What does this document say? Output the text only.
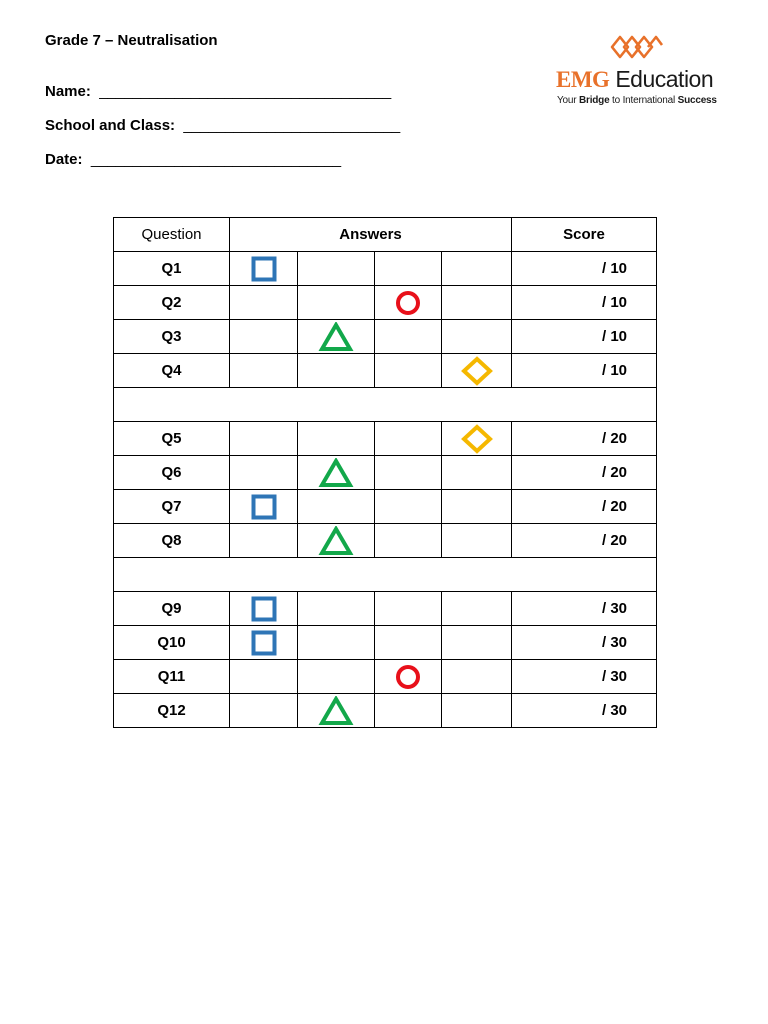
Grade 7 – Neutralisation
Name: ___________________________________
School and Class: __________________________
Date: ______________________________
EMG Education
Your Bridge to International Success
Question	Answers				Score
Q1					/ 10
Q2					/ 10
Q3					/ 10
Q4					/ 10

Q5					/ 20
Q6					/ 20
Q7					/ 20
Q8					/ 20

Q9					/ 30
Q10					/ 30
Q11					/ 30
Q12					/ 30
